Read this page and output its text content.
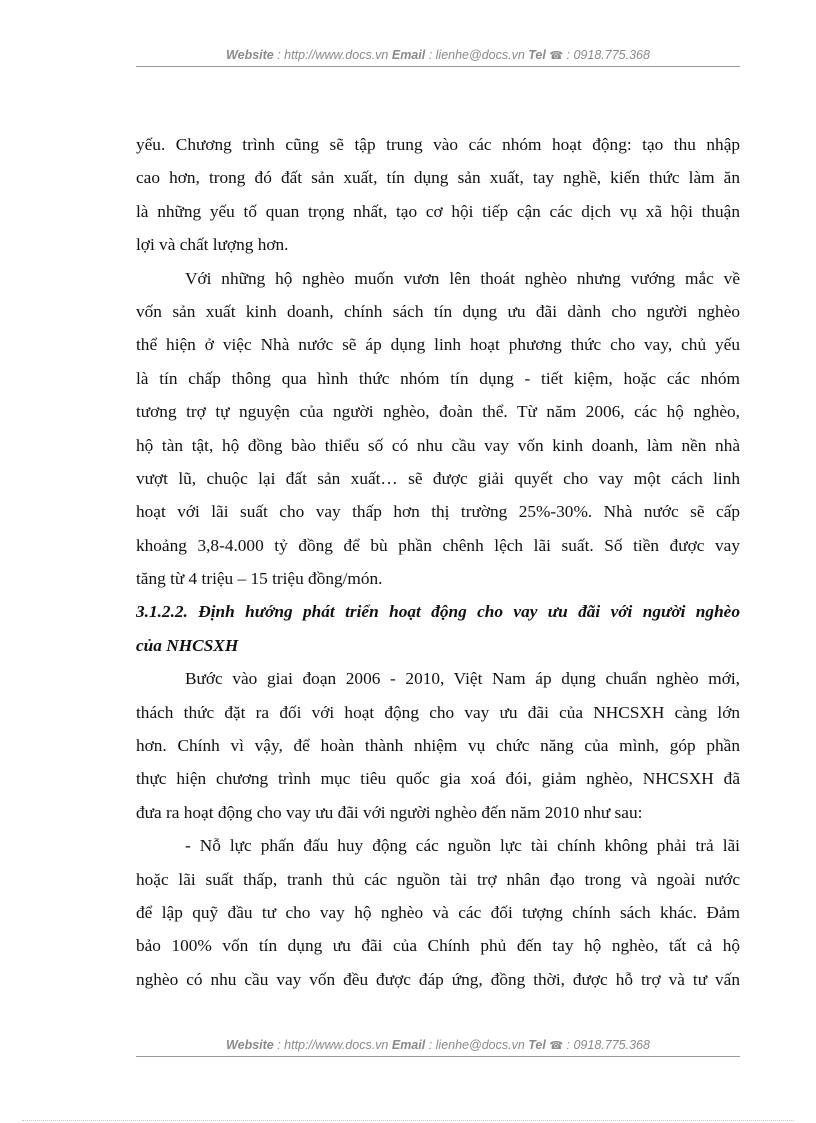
Website : http://www.docs.vn Email : lienhe@docs.vn Tel ☎ : 0918.775.368
yếu. Chương trình cũng sẽ tập trung vào các nhóm hoạt động: tạo thu nhập
cao hơn, trong đó đất sản xuất, tín dụng sản xuất, tay nghề, kiến thức làm ăn
là những yếu tố quan trọng nhất, tạo cơ hội tiếp cận các dịch vụ xã hội thuận
lợi và chất lượng hơn.
Với những hộ nghèo muốn vươn lên thoát nghèo nhưng vướng mắc về
vốn sản xuất kinh doanh, chính sách tín dụng ưu đãi dành cho người nghèo
thể hiện ở việc Nhà nước sẽ áp dụng linh hoạt phương thức cho vay, chủ yếu
là tín chấp thông qua hình thức nhóm tín dụng - tiết kiệm, hoặc các nhóm
tương trợ tự nguyện của người nghèo, đoàn thể. Từ năm 2006, các hộ nghèo,
hộ tàn tật, hộ đồng bào thiểu số có nhu cầu vay vốn kinh doanh, làm nền nhà
vượt lũ, chuộc lại đất sản xuất… sẽ được giải quyết cho vay một cách linh
hoạt với lãi suất cho vay thấp hơn thị trường 25%-30%. Nhà nước sẽ cấp
khoảng 3,8-4.000 tỷ đồng để bù phần chênh lệch lãi suất. Số tiền được vay
tăng từ 4 triệu – 15 triệu đồng/món.
3.1.2.2. Định hướng phát triển hoạt động cho vay ưu đãi với người nghèo
của NHCSXH
Bước vào giai đoạn 2006 - 2010, Việt Nam áp dụng chuẩn nghèo mới,
thách thức đặt ra đối với hoạt động cho vay ưu đãi của NHCSXH càng lớn
hơn. Chính vì vậy, để hoàn thành nhiệm vụ chức năng của mình, góp phần
thực hiện chương trình mục tiêu quốc gia xoá đói, giảm nghèo, NHCSXH đã
đưa ra hoạt động cho vay ưu đãi với người nghèo đến năm 2010 như sau:
- Nỗ lực phấn đấu huy động các nguồn lực tài chính không phải trả lãi
hoặc lãi suất thấp, tranh thủ các nguồn tài trợ nhân đạo trong và ngoài nước
để lập quỹ đầu tư cho vay hộ nghèo và các đối tượng chính sách khác. Đảm
bảo 100% vốn tín dụng ưu đãi của Chính phủ đến tay hộ nghèo, tất cả hộ
nghèo có nhu cầu vay vốn đều được đáp ứng, đồng thời, được hỗ trợ và tư vấn
Website : http://www.docs.vn Email : lienhe@docs.vn Tel ☎ : 0918.775.368
